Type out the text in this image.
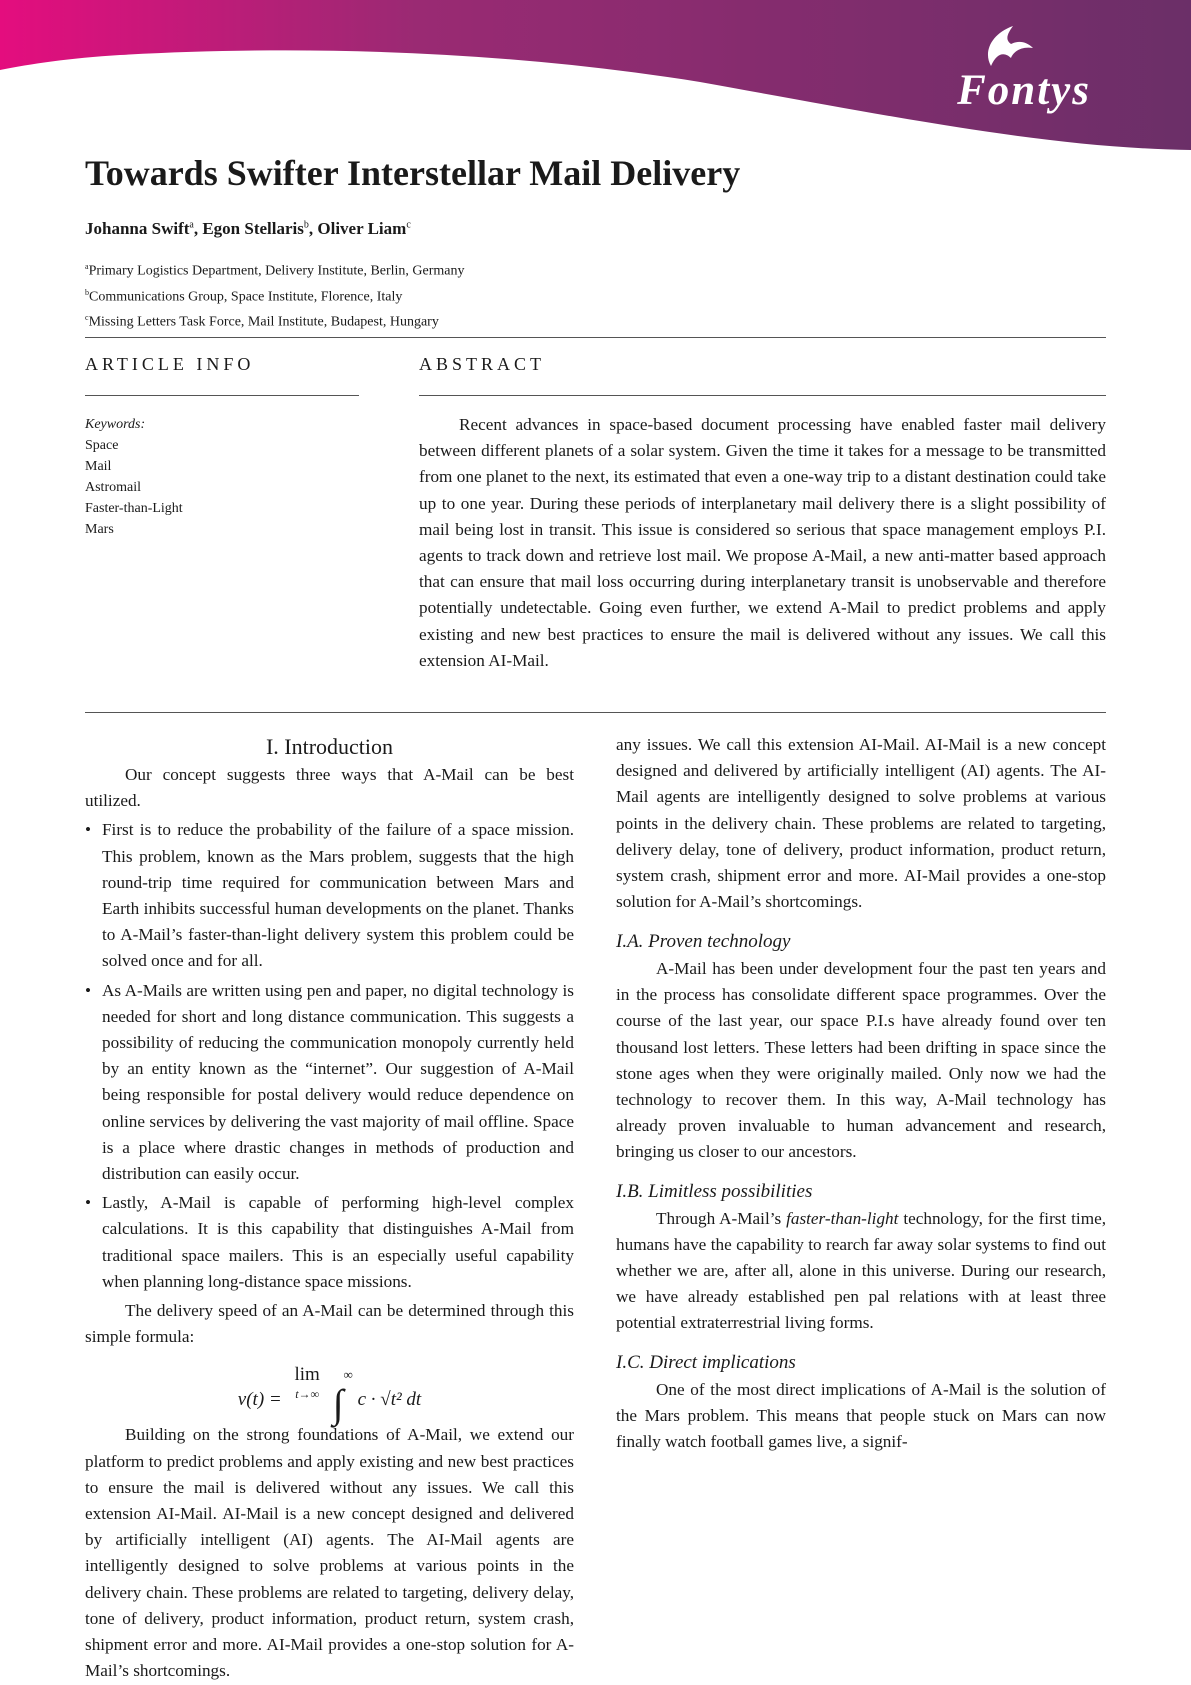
Fontys
Towards Swifter Interstellar Mail Delivery
Johanna Swift$^a$, Egon Stellaris$^b$, Oliver Liam$^c$
$^a$Primary Logistics Department, Delivery Institute, Berlin, Germany
$^b$Communications Group, Space Institute, Florence, Italy
$^c$Missing Letters Task Force, Mail Institute, Budapest, Hungary
ARTICLE INFO
Keywords:
Space
Mail
Astromail
Faster-than-Light
Mars
ABSTRACT

Recent advances in space-based document processing have enabled faster mail delivery between different planets of a solar system. Given the time it takes for a message to be transmitted from one planet to the next, its estimated that even a one-way trip to a distant destination could take up to one year. During these periods of interplanetary mail delivery there is a slight possibility of mail being lost in transit. This issue is considered so serious that space management employs P.I. agents to track down and retrieve lost mail. We propose A-Mail, a new anti-matter based approach that can ensure that mail loss occurring during interplanetary transit is unobservable and therefore potentially undetectable. Going even further, we extend A-Mail to predict problems and apply existing and new best practices to ensure the mail is delivered without any issues. We call this extension AI-Mail.

I. Introduction

Our concept suggests three ways that A-Mail can be best utilized.

• First is to reduce the probability of the failure of a space mission. This problem, known as the Mars problem, suggests that the high round-trip time required for communication between Mars and Earth inhibits successful human developments on the planet. Thanks to A-Mail’s faster-than-light delivery system this problem could be solved once and for all.
• As A-Mails are written using pen and paper, no digital technology is needed for short and long distance communication. This suggests a possibility of reducing the communication monopoly currently held by an entity known as the “internet”. Our suggestion of A-Mail being responsible for postal delivery would reduce dependence on online services by delivering the vast majority of mail offline. Space is a place where drastic changes in methods of production and distribution can easily occur.
• Lastly, A-Mail is capable of performing high-level complex calculations. It is this capability that distinguishes A-Mail from traditional space mailers. This is an especially useful capability when planning long-distance space missions.

The delivery speed of an A-Mail can be determined through this simple formula:

v(t) = lim
t→∞ ∫∞ c · √t² dt

Building on the strong foundations of A-Mail, we extend our platform to predict problems and apply existing and new best practices to ensure the mail is delivered without any issues. We call this extension AI-Mail. AI-Mail is a new concept designed and delivered by artificially intelligent (AI) agents. The AI-Mail agents are intelligently designed to solve problems at various points in the delivery chain. These problems are related to targeting, delivery delay, tone of delivery, product information, product return, system crash, shipment error and more. AI-Mail provides a one-stop solution for A-Mail’s shortcomings.

any issues. We call this extension AI-Mail. AI-Mail is a new concept designed and delivered by artificially intelligent (AI) agents. The AI-Mail agents are intelligently designed to solve problems at various points in the delivery chain. These problems are related to targeting, delivery delay, tone of delivery, product information, product return, system crash, shipment error and more. AI-Mail provides a one-stop solution for A-Mail’s shortcomings.

I.A. Proven technology

A-Mail has been under development four the past ten years and in the process has consolidate different space programmes. Over the course of the last year, our space P.I.s have already found over ten thousand lost letters. These letters had been drifting in space since the stone ages when they were originally mailed. Only now we had the technology to recover them. In this way, A-Mail technology has already proven invaluable to human advancement and research, bringing us closer to our ancestors.

I.B. Limitless possibilities

Through A-Mail’s faster-than-light technology, for the first time, humans have the capability to rearch far away solar systems to find out whether we are, after all, alone in this universe. During our research, we have already established pen pal relations with at least three potential extraterrestrial living forms.

I.C. Direct implications

One of the most direct implications of A-Mail is the solution of the Mars problem. This means that people stuck on Mars can now finally watch football games live, a signif-
